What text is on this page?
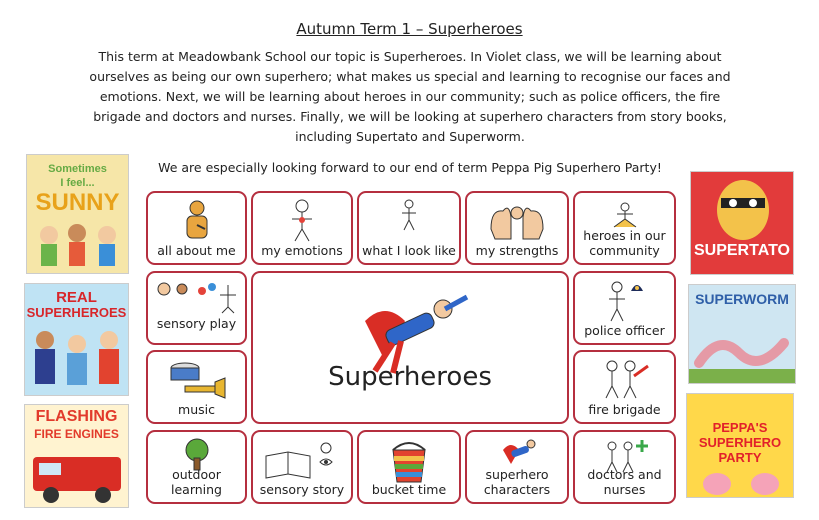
Autumn Term 1 – Superheroes
This term at Meadowbank School our topic is Superheroes. In Violet class, we will be learning about ourselves as being our own superhero; what makes us special and learning to recognise our faces and emotions. Next, we will be learning about heroes in our community; such as police officers, the fire brigade and doctors and nurses. Finally, we will be looking at superhero characters from story books, including Supertato and Superworm.
We are especially looking forward to our end of term Peppa Pig Superhero Party!
Sometimes
I feel...
SUNNY
REAL
SUPERHEROES
FLASHING
FIRE ENGINES
SUPERTATO
SUPERWORM
PEPPA'S
SUPERHERO
PARTY
all about me	my emotions	what I look like	my strengths
heroes in our community
sensory play
music
Superheroes
police officer
fire brigade
outdoor learning	sensory story	bucket time
superhero characters
doctors and nurses
